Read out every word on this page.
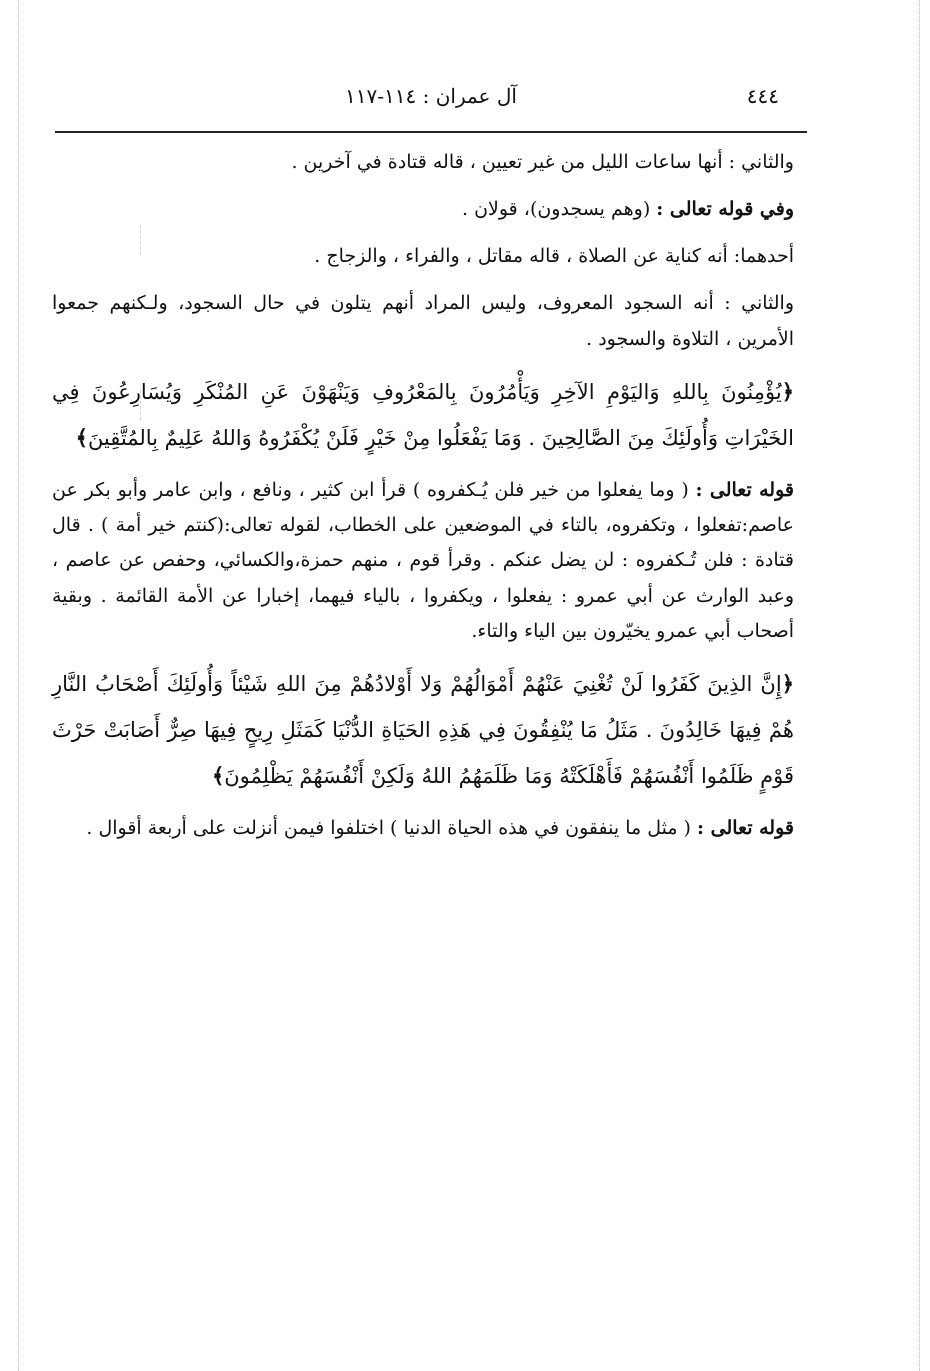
٤٤٤
آل عمران : ١١٤-١١٧

والثاني : أنها ساعات الليل من غير تعيين ، قاله قتادة في آخرين .

وفي قوله تعالى : (وهم يسجدون)، قولان .

أحدهما: أنه كناية عن الصلاة ، قاله مقاتل ، والفراء ، والزجاج .

والثاني : أنه السجود المعروف، وليس المراد أنهم يتلون في حال السجود، ولـكنهم جمعوا الأمرين ، التلاوة والسجود .

﴿يُؤْمِنُونَ بِاللهِ وَاليَوْمِ الآخِرِ وَيَأْمُرُونَ بِالمَعْرُوفِ وَيَنْهَوْنَ عَنِ المُنْكَرِ وَيُسَارِعُونَ فِي الخَيْرَاتِ وَأُولَئِكَ مِنَ الصَّالِحِينَ . وَمَا يَفْعَلُوا مِنْ خَيْرٍ فَلَنْ يُكْفَرُوهُ وَاللهُ عَلِيمٌ بِالمُتَّقِينَ﴾

قوله تعالى : ( وما يفعلوا من خير فلن يُـكفروه ) قرأ ابن كثير ، ونافع ، وابن عامر وأبو بكر عن عاصم:تفعلوا ، وتكفروه، بالتاء في الموضعين على الخطاب، لقوله تعالى:(كنتم خير أمة ) . قال قتادة : فلن تُـكفروه : لن يضل عنكم . وقرأ قوم ، منهم حمزة،والكسائي، وحفص عن عاصم ، وعبد الوارث عن أبي عمرو : يفعلوا ، ويكفروا ، بالياء فيهما، إخبارا عن الأمة القائمة . وبقية أصحاب أبي عمرو يخيّرون بين الياء والتاء.

﴿إِنَّ الذِينَ كَفَرُوا لَنْ تُغْنِيَ عَنْهُمْ أَمْوَالُهُمْ وَلا أَوْلادُهُمْ مِنَ اللهِ شَيْئاً وَأُولَئِكَ أَصْحَابُ النَّارِ هُمْ فِيهَا خَالِدُونَ . مَثَلُ مَا يُنْفِقُونَ فِي هَذِهِ الحَيَاةِ الدُّنْيَا كَمَثَلِ رِيحٍ فِيهَا صِرٌّ أَصَابَتْ حَرْثَ قَوْمٍ ظَلَمُوا أَنْفُسَهُمْ فَأَهْلَكَتْهُ وَمَا ظَلَمَهُمُ اللهُ وَلَكِنْ أَنْفُسَهُمْ يَظْلِمُونَ﴾

قوله تعالى : ( مثل ما ينفقون في هذه الحياة الدنيا ) اختلفوا فيمن أنزلت على أربعة أقوال .
